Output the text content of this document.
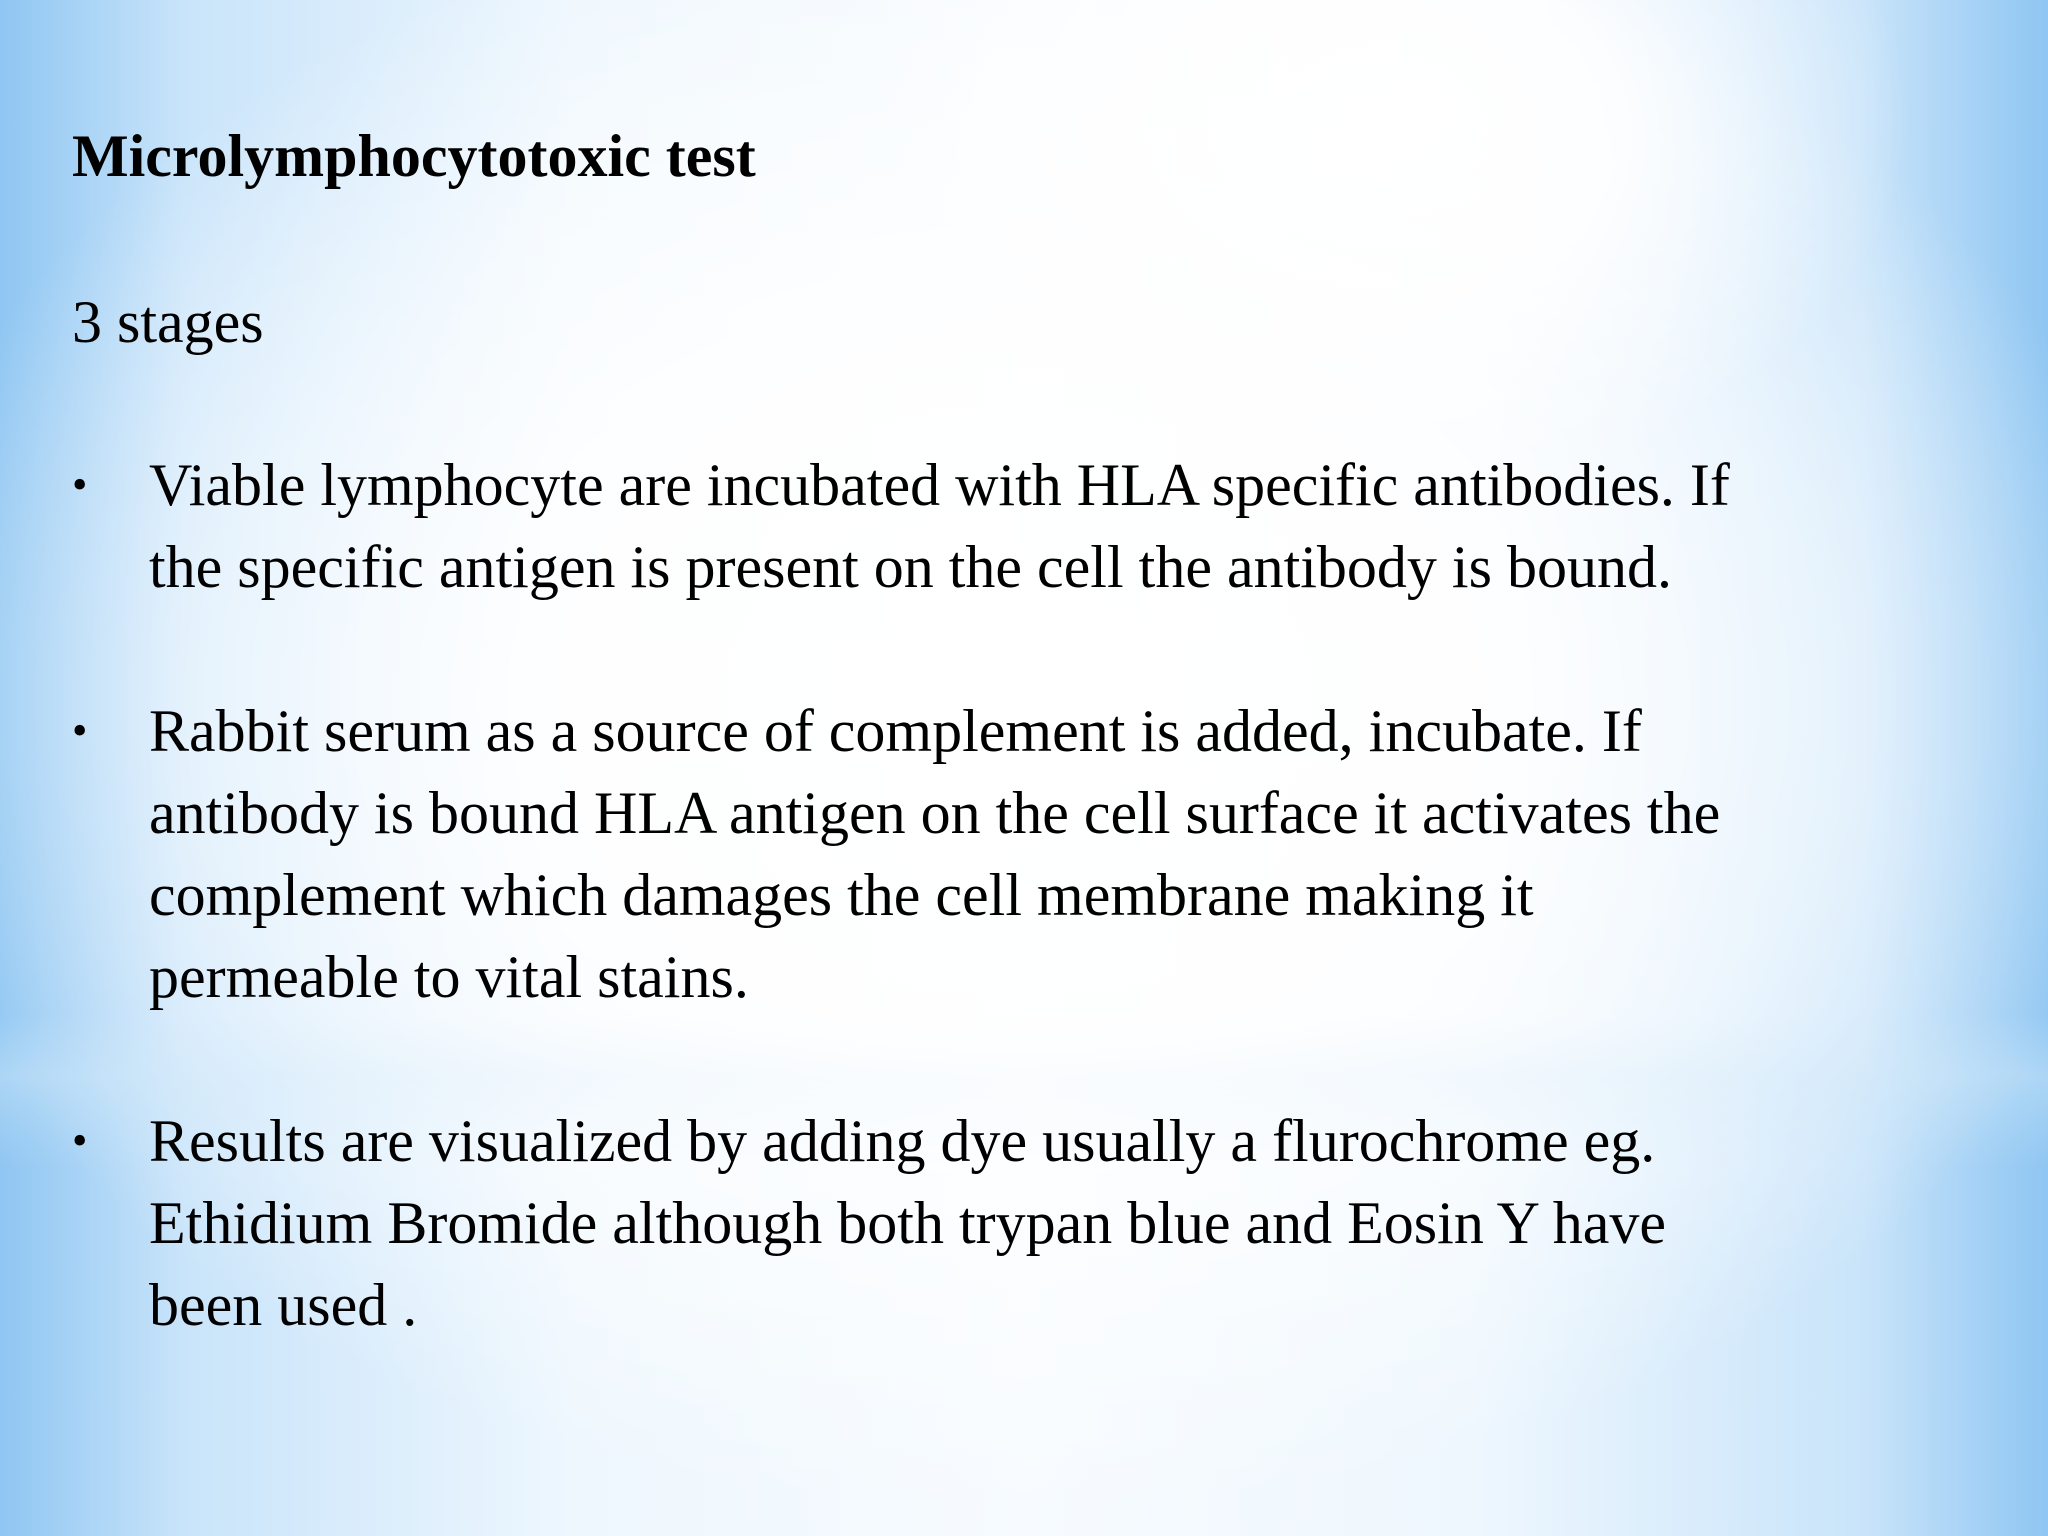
Microlymphocytotoxic test

3 stages

•	Viable lymphocyte are incubated with HLA specific antibodies. If
the specific antigen is present on the cell the antibody is bound.
•	Rabbit serum as a source of complement is added, incubate. If
antibody is bound HLA antigen on the cell surface it activates the
complement which damages the cell membrane making it
permeable to vital stains.
•	Results are visualized by adding dye usually a flurochrome eg.
Ethidium Bromide although both trypan blue and Eosin Y have
been used .
